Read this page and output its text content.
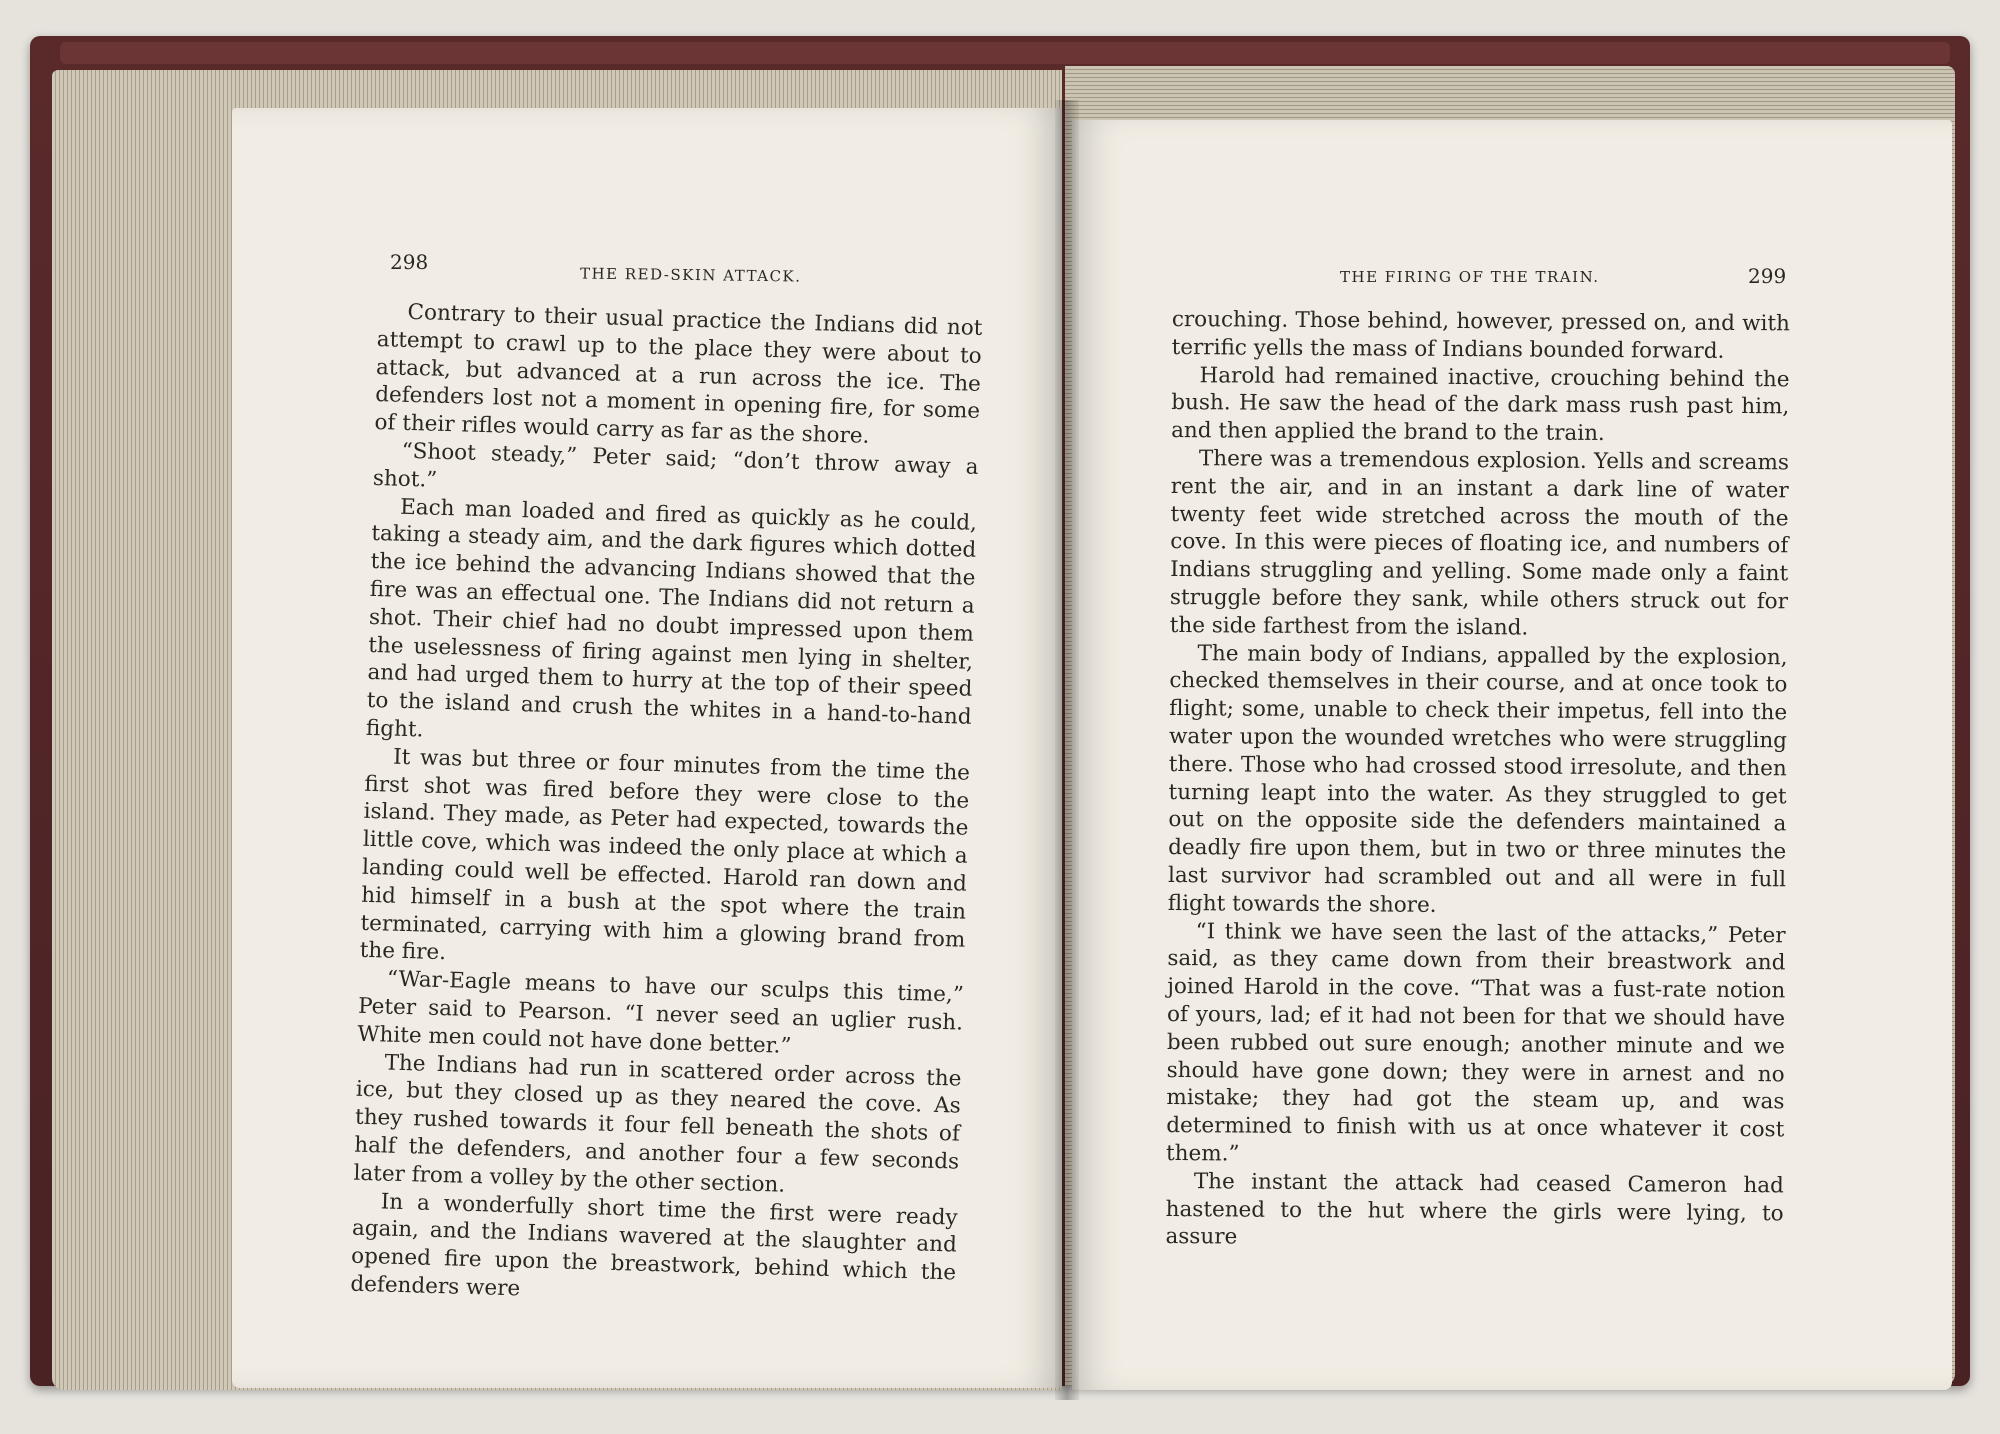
298
THE RED-SKIN ATTACK.	THE FIRING OF THE TRAIN.	299

Contrary to their usual practice the Indians did not attempt to crawl up to the place they were about to attack, but advanced at a run across the ice. The defenders lost not a moment in opening fire, for some of their rifles would carry as far as the shore.

“Shoot steady,” Peter said; “don’t throw away a shot.”

Each man loaded and fired as quickly as he could, taking a steady aim, and the dark figures which dotted the ice behind the advancing Indians showed that the fire was an effectual one. The Indians did not return a shot. Their chief had no doubt impressed upon them the uselessness of firing against men lying in shelter, and had urged them to hurry at the top of their speed to the island and crush the whites in a hand-to-hand fight.

It was but three or four minutes from the time the first shot was fired before they were close to the island. They made, as Peter had expected, towards the little cove, which was indeed the only place at which a landing could well be effected. Harold ran down and hid himself in a bush at the spot where the train terminated, carrying with him a glowing brand from the fire.

“War-Eagle means to have our sculps this time,” Peter said to Pearson. “I never seed an uglier rush. White men could not have done better.”

The Indians had run in scattered order across the ice, but they closed up as they neared the cove. As they rushed towards it four fell beneath the shots of half the defenders, and another four a few seconds later from a volley by the other section.

In a wonderfully short time the first were ready again, and the Indians wavered at the slaughter and opened fire upon the breastwork, behind which the defenders were

crouching. Those behind, however, pressed on, and with terrific yells the mass of Indians bounded forward.

Harold had remained inactive, crouching behind the bush. He saw the head of the dark mass rush past him, and then applied the brand to the train.

There was a tremendous explosion. Yells and screams rent the air, and in an instant a dark line of water twenty feet wide stretched across the mouth of the cove. In this were pieces of floating ice, and numbers of Indians struggling and yelling. Some made only a faint struggle before they sank, while others struck out for the side farthest from the island.

The main body of Indians, appalled by the explosion, checked themselves in their course, and at once took to flight; some, unable to check their impetus, fell into the water upon the wounded wretches who were struggling there. Those who had crossed stood irresolute, and then turning leapt into the water. As they struggled to get out on the opposite side the defenders maintained a deadly fire upon them, but in two or three minutes the last survivor had scrambled out and all were in full flight towards the shore.

“I think we have seen the last of the attacks,” Peter said, as they came down from their breastwork and joined Harold in the cove. “That was a fust-rate notion of yours, lad; ef it had not been for that we should have been rubbed out sure enough; another minute and we should have gone down; they were in arnest and no mistake; they had got the steam up, and was determined to finish with us at once whatever it cost them.”

The instant the attack had ceased Cameron had hastened to the hut where the girls were lying, to assure
